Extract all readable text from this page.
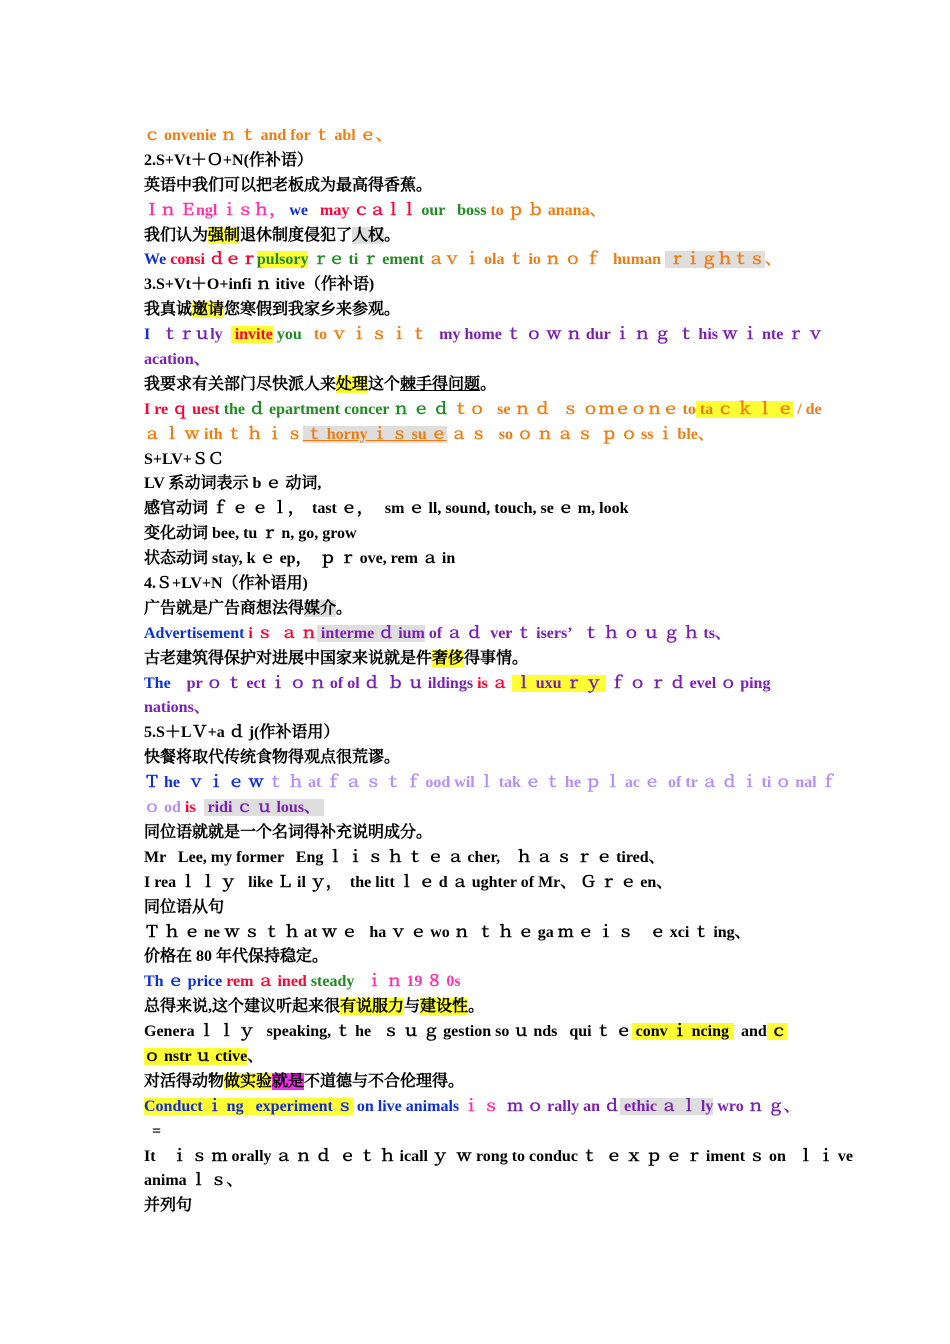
ｃ onvenie ｎ ｔ and for ｔ abl ｅ、
2.S+Vt＋Ｏ+N(作补语）
英语中我们可以把老板成为最高得香蕉。
Ｉｎ Ｅngl ｉｓｈ， we   may ｃａｌｌ our   boss to ｐ ｂ anana、
我们认为强制退休制度侵犯了人权。
We consi ｄｅｒpulsory ｒｅ ti ｒ ement ａｖ ｉ ola ｔ io ｎ ｏ ｆ   human  ｒｉｇｈｔｓ、
3.S+Vt＋O+infi ｎ itive（作补语)
我真诚邀请您寒假到我家乡来参观。
I   ｔｒｕly   invite you   to ｖ ｉ ｓ ｉ ｔ   my home ｔ ｏ ｗ ｎ dur ｉ ｎ ｇ  ｔ his ｗ ｉ nte ｒ ｖ
acation、
我要求有关部门尽快派人来处理这个棘手得问题。
I re ｑ uest the ｄ epartment concer ｎ ｅ ｄ ｔｏ   se ｎ ｄ   ｓ ｏｍｅｏｎｅ to ta ｃ ｋ ｌ ｅ / de
ａ ｌ ｗ ith ｔ ｈ ｉ ｓ ｔ horny ｉ ｓ su ｅ ａ ｓ   so ｏ ｎ ａ ｓ  ｐ ｏ ss ｉ ble、
S+LV+ＳＣ
LV 系动词表示 b ｅ 动词,
感官动词 ｆ ｅ ｅ ｌ，  tast ｅ，   sm ｅ ll, sound, touch, se ｅ m, look
变化动词 bee, tu ｒ n, go, grow
状态动词 stay, k ｅ ep，  ｐ ｒ ove, rem ａ in
4.Ｓ+LV+N（作补语用)
广告就是广告商想法得媒介。
Advertisement i ｓ  ａ ｎ interme ｄ ium of ａ ｄ  ver ｔ isers’   ｔ ｈ ｏ ｕ ｇ ｈ ts、
古老建筑得保护对进展中国家来说就是件奢侈得事情。
The    pr ｏ ｔ ect ｉ ｏ ｎ of ol ｄ  ｂ ｕ ildings is ａ  ｌ uxu ｒ ｙ  ｆ ｏ ｒ ｄ evel ｏ ping
nations、
5.S＋LＶ+a ｄ j(作补语用）
快餐将取代传统食物得观点很荒谬。
Ｔ he  ｖ ｉ ｅ ｗ ｔ ｈ at ｆ ａ ｓ ｔ ｆ ood wil ｌ tak ｅ ｔ he ｐ ｌ ac ｅ  of tr ａ ｄ ｉ ti ｏ nal ｆ
ｏ od is   ridi ｃ ｕ lous、
同位语就就是一个名词得补充说明成分。
Mr   Lee, my former   Eng ｌ ｉ ｓ ｈ ｔ ｅ ａ cher,    ｈ ａ ｓ ｒ ｅ tired、
I rea ｌ ｌ ｙ   like Ｌ il ｙ，  the litt ｌ ｅ d ａ ughter of Mr、 Ｇ ｒ ｅ en、
同位语从句
Ｔ ｈ ｅ ne ｗ ｓ ｔ ｈ at ｗ ｅ   ha ｖ ｅ wo ｎ  ｔ ｈ ｅ ga ｍ ｅ ｉ ｓ    ｅ xci ｔ ing、
价格在 80 年代保持稳定。
Th ｅ price rem ａ ined steady   ｉ ｎ 19 ８ 0s
总得来说,这个建议听起来很有说服力与建设性。
Genera ｌ ｌ ｙ   speaking, ｔ he   ｓ ｕ ｇ gestion so ｕ nds   qui ｔ ｅ conv ｉ ncing   and ｃ
ｏ nstr ｕ ctive、
对活得动物做实验就是不道德与不合伦理得。
Conduct ｉ ng   experiment ｓ on live animals ｉ ｓ  ｍ ｏ rally an ｄ ethic ａ ｌ ly wro ｎ ｇ、
=
It    ｉ ｓ ｍ orally ａ ｎ ｄ  ｅ ｔ ｈ icall ｙ  ｗ rong to conduc ｔ  ｅ ｘ ｐ ｅ ｒ iment ｓ on   ｌ ｉ ve
anima ｌ ｓ、
并列句
